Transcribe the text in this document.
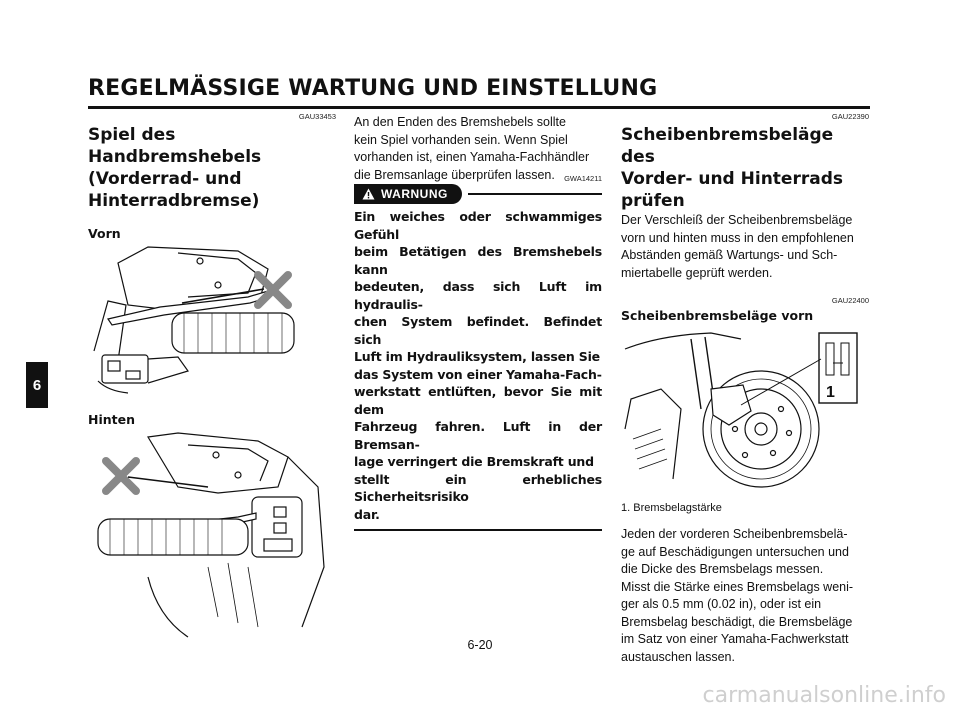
REGELMÄSSIGE WARTUNG UND EINSTELLUNG
6
GAU33453
Spiel des Handbremshebels
(Vorderrad- und
Hinterradbremse)
Vorn
Hinten

An den Enden des Bremshebels sollte
kein Spiel vorhanden sein. Wenn Spiel
vorhanden ist, einen Yamaha-Fachhändler
die Bremsanlage überprüfen lassen.	GWA14211
WARNUNG
Ein weiches oder schwammiges Gefühl
beim Betätigen des Bremshebels kann
bedeuten, dass sich Luft im hydraulis-
chen System befindet. Befindet sich
Luft im Hydrauliksystem, lassen Sie
das System von einer Yamaha-Fach-
werkstatt entlüften, bevor Sie mit dem
Fahrzeug fahren. Luft in der Bremsan-
lage verringert die Bremskraft und
stellt ein erhebliches Sicherheitsrisiko
dar.
GAU22390
Scheibenbremsbeläge des
Vorder- und Hinterrads prüfen

Der Verschleiß der Scheibenbremsbeläge
vorn und hinten muss in den empfohlenen
Abständen gemäß Wartungs- und Sch-
miertabelle geprüft werden.

GAU22400
Scheibenbremsbeläge vorn
1
1. Bremsbelagstärke

Jeden der vorderen Scheibenbremsbelä-
ge auf Beschädigungen untersuchen und
die Dicke des Bremsbelags messen.
Misst die Stärke eines Bremsbelags weni-
ger als 0.5 mm (0.02 in), oder ist ein
Bremsbelag beschädigt, die Bremsbeläge
im Satz von einer Yamaha-Fachwerkstatt
austauschen lassen.

6-20
carmanualsonline.info
